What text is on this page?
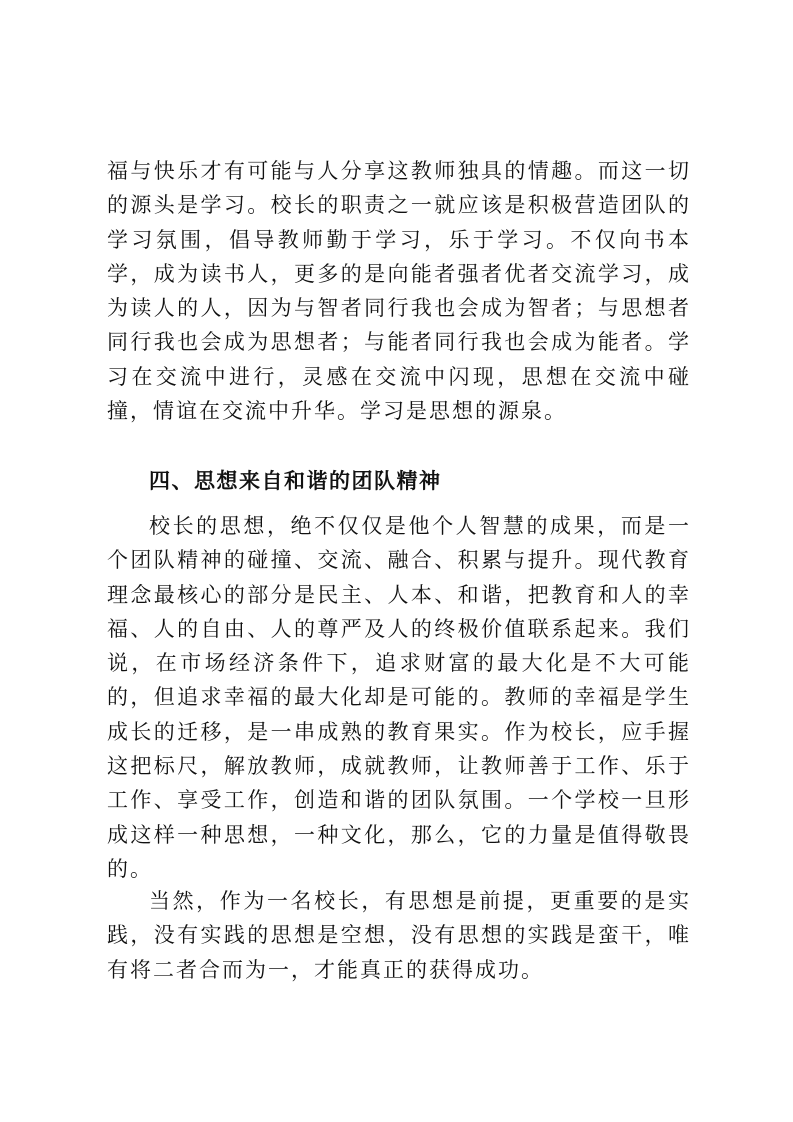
福与快乐才有可能与人分享这教师独具的情趣。而这一切的源头是学习。校长的职责之一就应该是积极营造团队的学习氛围，倡导教师勤于学习，乐于学习。不仅向书本学，成为读书人，更多的是向能者强者优者交流学习，成为读人的人，因为与智者同行我也会成为智者；与思想者同行我也会成为思想者；与能者同行我也会成为能者。学习在交流中进行，灵感在交流中闪现，思想在交流中碰撞，情谊在交流中升华。学习是思想的源泉。

四、思想来自和谐的团队精神

校长的思想，绝不仅仅是他个人智慧的成果，而是一个团队精神的碰撞、交流、融合、积累与提升。现代教育理念最核心的部分是民主、人本、和谐，把教育和人的幸福、人的自由、人的尊严及人的终极价值联系起来。我们说，在市场经济条件下，追求财富的最大化是不大可能的，但追求幸福的最大化却是可能的。教师的幸福是学生成长的迁移，是一串成熟的教育果实。作为校长，应手握这把标尺，解放教师，成就教师，让教师善于工作、乐于工作、享受工作，创造和谐的团队氛围。一个学校一旦形成这样一种思想，一种文化，那么，它的力量是值得敬畏的。

当然，作为一名校长，有思想是前提，更重要的是实践，没有实践的思想是空想，没有思想的实践是蛮干，唯有将二者合而为一，才能真正的获得成功。
